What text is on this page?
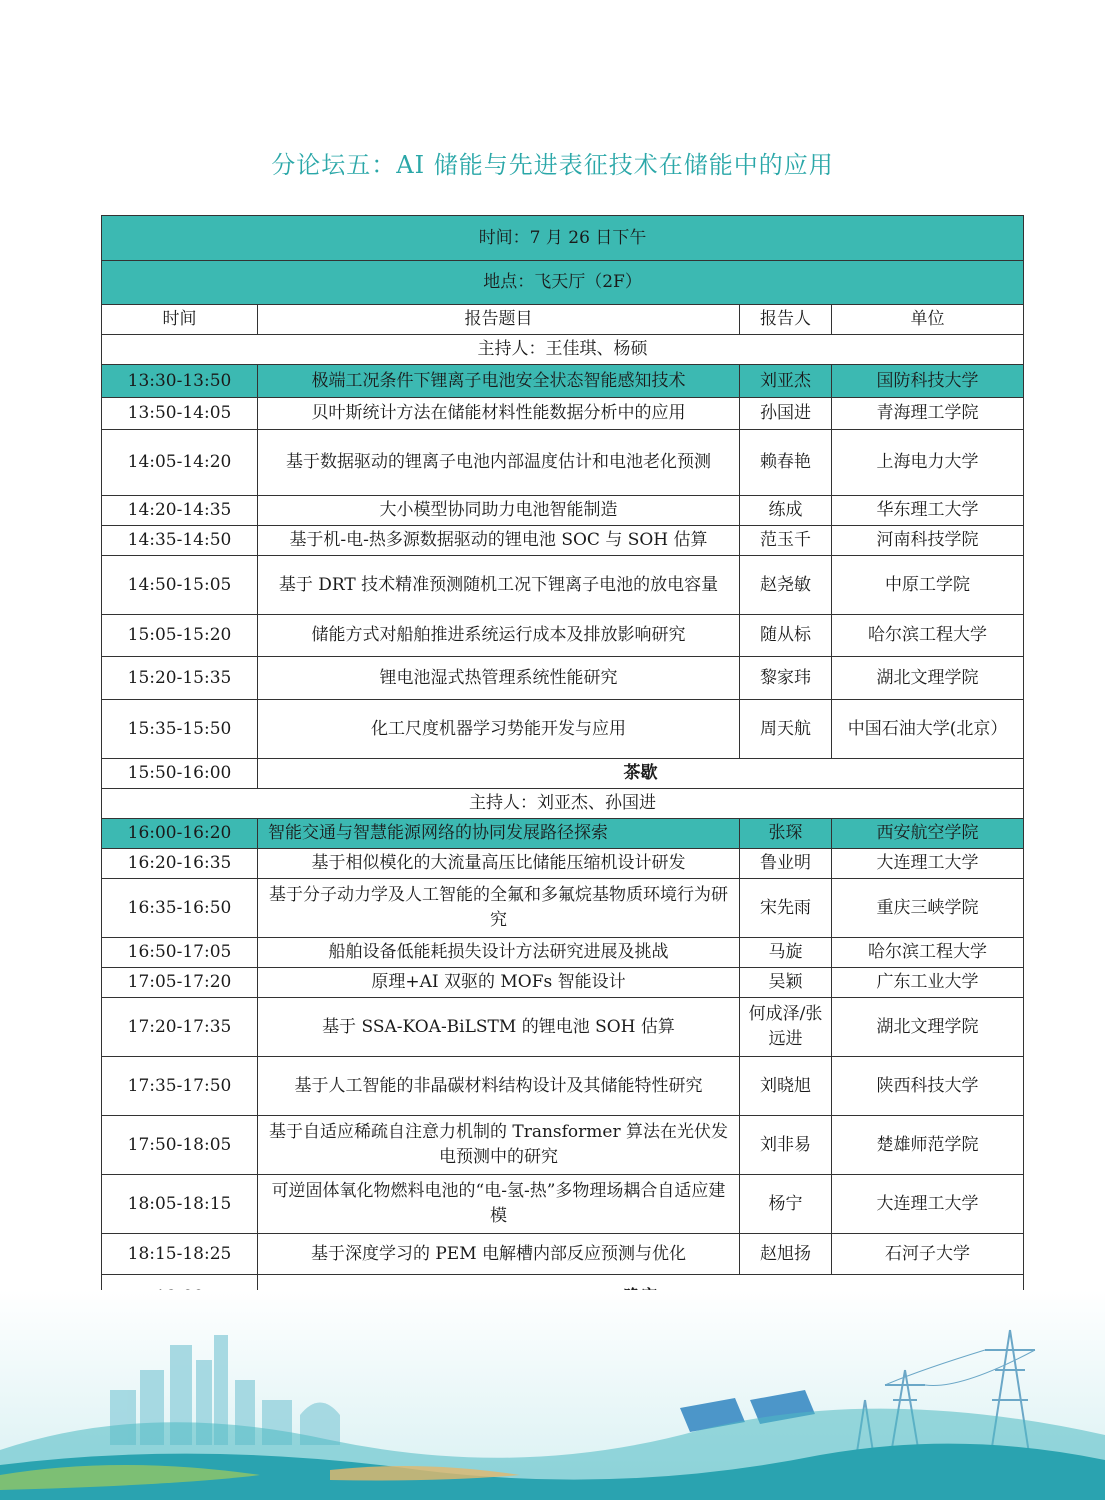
分论坛五：AI 储能与先进表征技术在储能中的应用
时间：7 月 26 日下午			
地点：飞天厅（2F）			
时间	报告题目	报告人	单位
主持人：王佳琪、杨硕			
13:30-13:50	极端工况条件下锂离子电池安全状态智能感知技术	刘亚杰	国防科技大学
13:50-14:05	贝叶斯统计方法在储能材料性能数据分析中的应用	孙国进	青海理工学院
14:05-14:20	基于数据驱动的锂离子电池内部温度估计和电池老化预测	赖春艳	上海电力大学
14:20-14:35	大小模型协同助力电池智能制造	练成	华东理工大学
14:35-14:50	基于机-电-热多源数据驱动的锂电池 SOC 与 SOH 估算	范玉千	河南科技学院
14:50-15:05	基于 DRT 技术精准预测随机工况下锂离子电池的放电容量	赵尧敏	中原工学院
15:05-15:20	储能方式对船舶推进系统运行成本及排放影响研究	随从标	哈尔滨工程大学
15:20-15:35	锂电池湿式热管理系统性能研究	黎家玮	湖北文理学院
15:35-15:50	化工尺度机器学习势能开发与应用	周天航	中国石油大学(北京）
15:50-16:00	茶歇		
主持人：刘亚杰、孙国进			
16:00-16:20	智能交通与智慧能源网络的协同发展路径探索	张琛	西安航空学院
16:20-16:35	基于相似模化的大流量高压比储能压缩机设计研发	鲁业明	大连理工大学
16:35-16:50	基于分子动力学及人工智能的全氟和多氟烷基物质环境行为研究	宋先雨	重庆三峡学院
16:50-17:05	船舶设备低能耗损失设计方法研究进展及挑战	马旋	哈尔滨工程大学
17:05-17:20	原理+AI 双驱的 MOFs 智能设计	吴颖	广东工业大学
17:20-17:35	基于 SSA-KOA-BiLSTM 的锂电池 SOH 估算	何成泽/张远进	湖北文理学院
17:35-17:50	基于人工智能的非晶碳材料结构设计及其储能特性研究	刘晓旭	陕西科技大学
17:50-18:05	基于自适应稀疏自注意力机制的 Transformer 算法在光伏发电预测中的研究	刘非易	楚雄师范学院
18:05-18:15	可逆固体氧化物燃料电池的“电-氢-热”多物理场耦合自适应建模	杨宁	大连理工大学
18:15-18:25	基于深度学习的 PEM 电解槽内部反应预测与优化	赵旭扬	石河子大学
